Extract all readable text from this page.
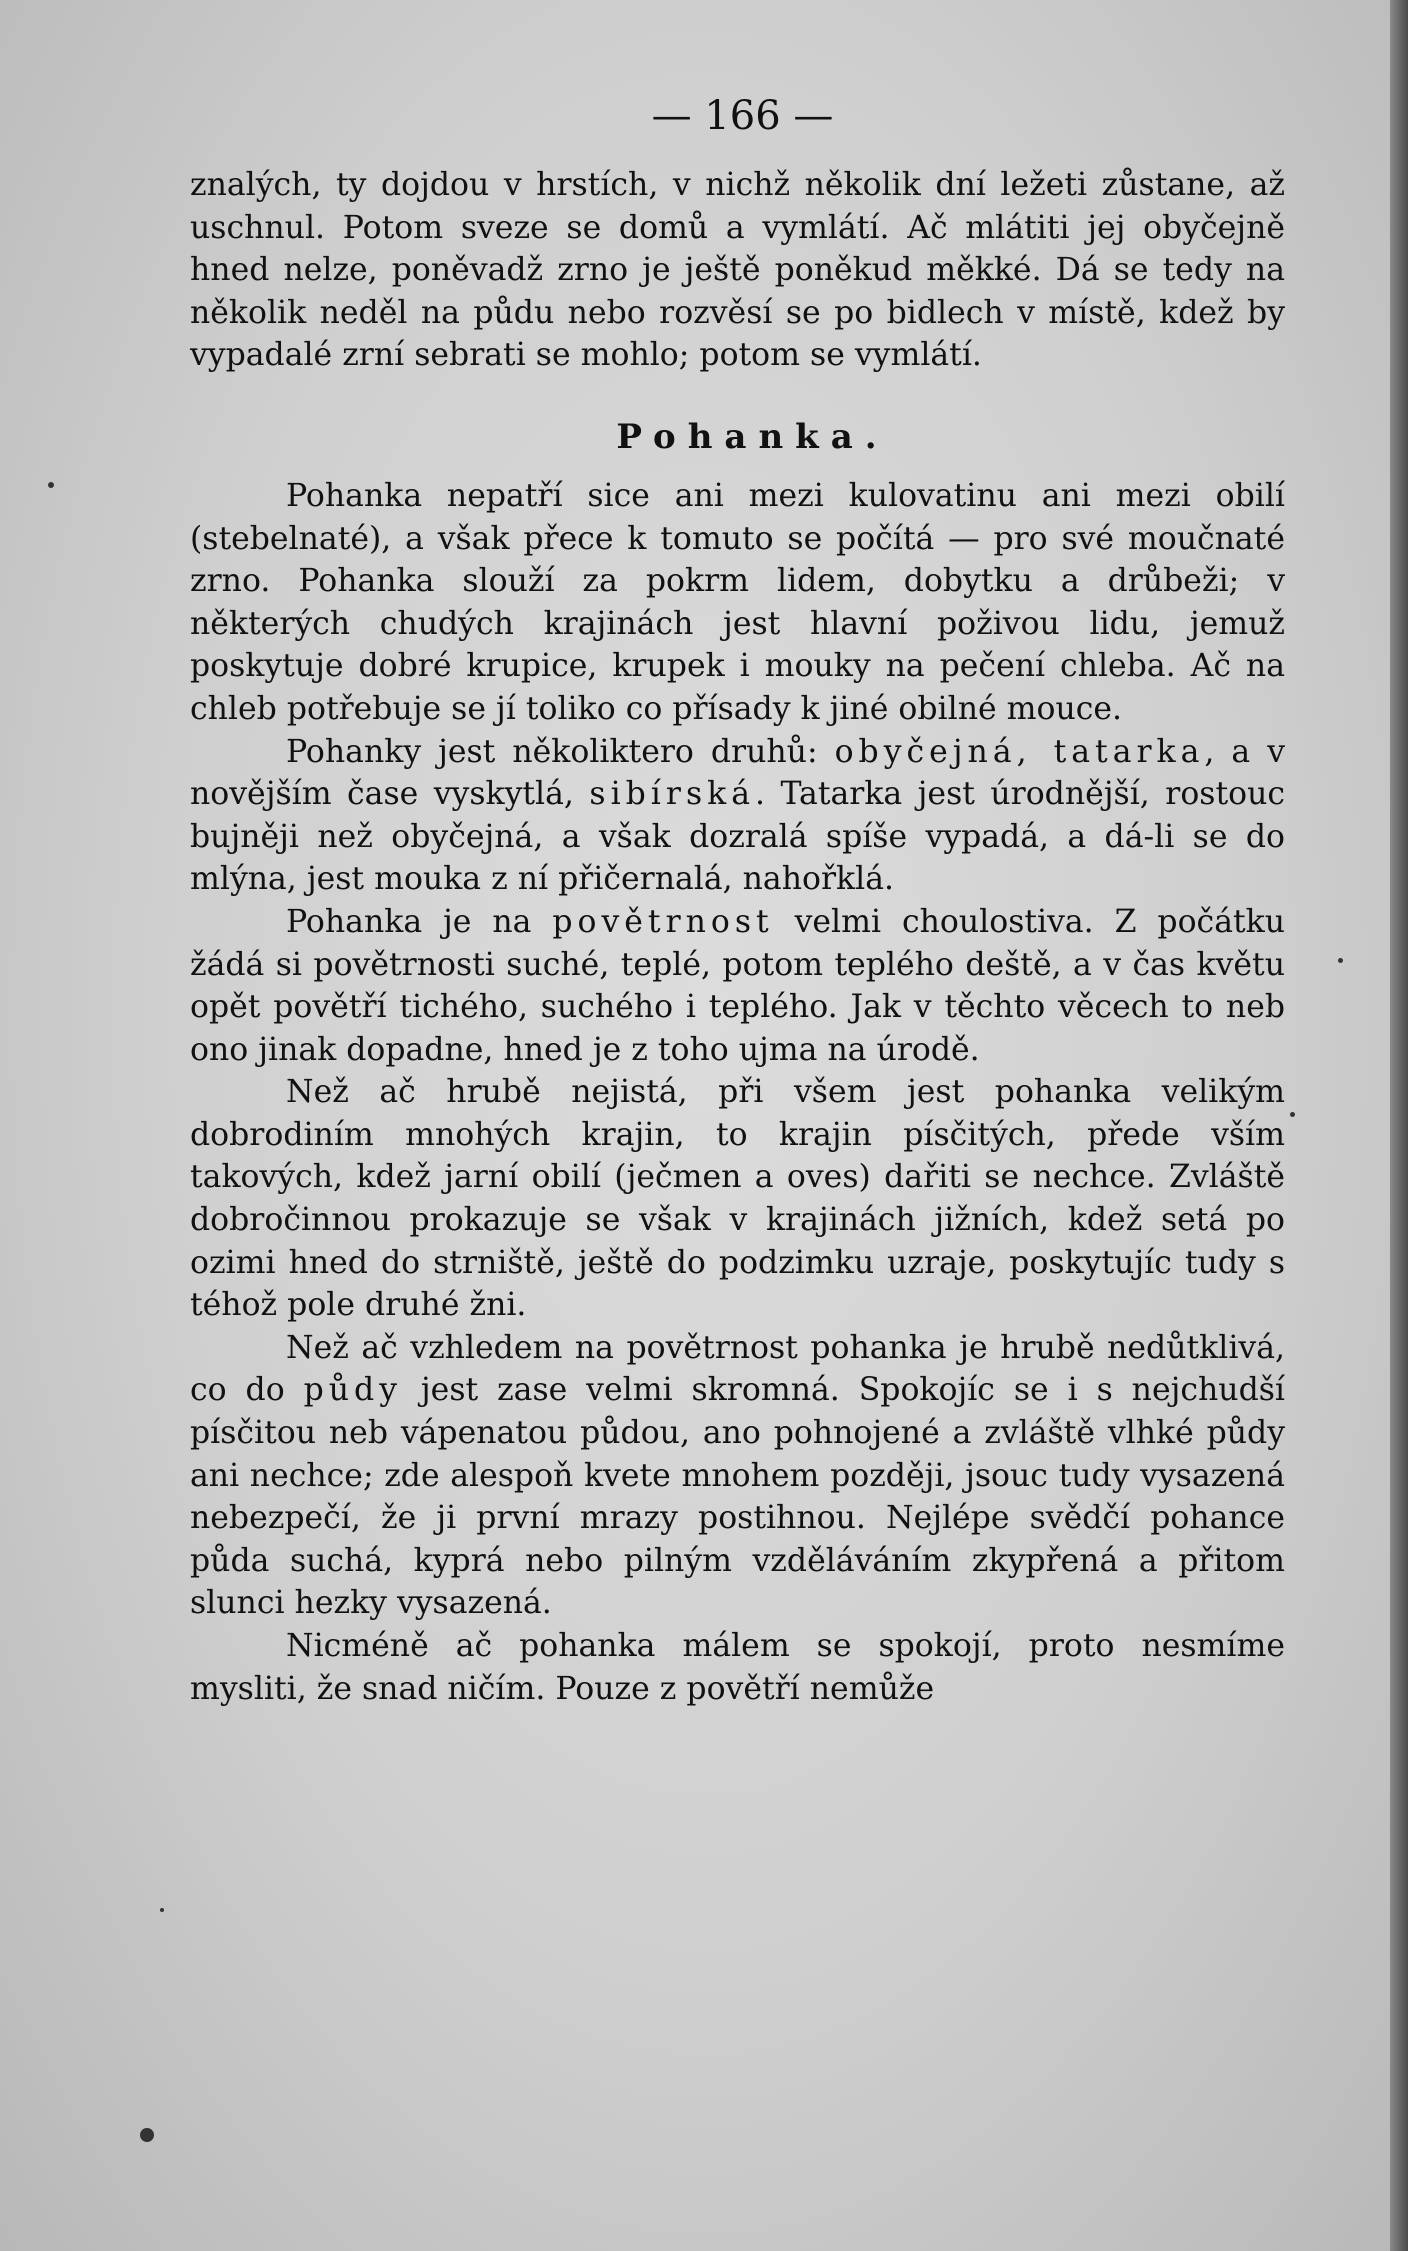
— 166 —

znalých, ty dojdou v hrstích, v nichž několik dní ležeti zůstane, až uschnul. Potom sveze se domů a vymlátí. Ač mlátiti jej obyčejně hned nelze, poněvadž zrno je ještě poněkud měkké. Dá se tedy na několik neděl na půdu nebo rozvěsí se po bidlech v místě, kdež by vypadalé zrní sebrati se mohlo; potom se vymlátí.

Pohanka.

Pohanka nepatří sice ani mezi kulovatinu ani mezi obilí (stebelnaté), a však přece k tomuto se počítá — pro své moučnaté zrno. Pohanka slouží za pokrm lidem, dobytku a drůbeži; v některých chudých krajinách jest hlavní poživou lidu, jemuž poskytuje dobré krupice, krupek i mouky na pečení chleba. Ač na chleb potřebuje se jí toliko co přísady k jiné obilné mouce.

Pohanky jest několiktero druhů: obyčejná, tatarka, a v novějším čase vyskytlá, sibírská. Tatarka jest úrodnější, rostouc bujněji než obyčejná, a však dozralá spíše vypadá, a dá-li se do mlýna, jest mouka z ní přičernalá, nahořklá.

Pohanka je na povětrnost velmi choulostiva. Z počátku žádá si povětrnosti suché, teplé, potom teplého deště, a v čas květu opět povětří tichého, suchého i teplého. Jak v těchto věcech to neb ono jinak dopadne, hned je z toho ujma na úrodě.

Než ač hrubě nejistá, při všem jest pohanka velikým dobrodiním mnohých krajin, to krajin písčitých, přede vším takových, kdež jarní obilí (ječmen a oves) dařiti se nechce. Zvláště dobročinnou prokazuje se však v krajinách jižních, kdež setá po ozimi hned do strniště, ještě do podzimku uzraje, poskytujíc tudy s téhož pole druhé žni.

Než ač vzhledem na povětrnost pohanka je hrubě nedůtklivá, co do půdy jest zase velmi skromná. Spokojíc se i s nejchudší písčitou neb vápenatou půdou, ano pohnojené a zvláště vlhké půdy ani nechce; zde alespoň kvete mnohem později, jsouc tudy vysazená nebezpečí, že ji první mrazy postihnou. Nejlépe svědčí pohance půda suchá, kyprá nebo pilným vzděláváním zkypřená a přitom slunci hezky vysazená.

Nicméně ač pohanka málem se spokojí, proto nesmíme mysliti, že snad ničím. Pouze z povětří nemůže
